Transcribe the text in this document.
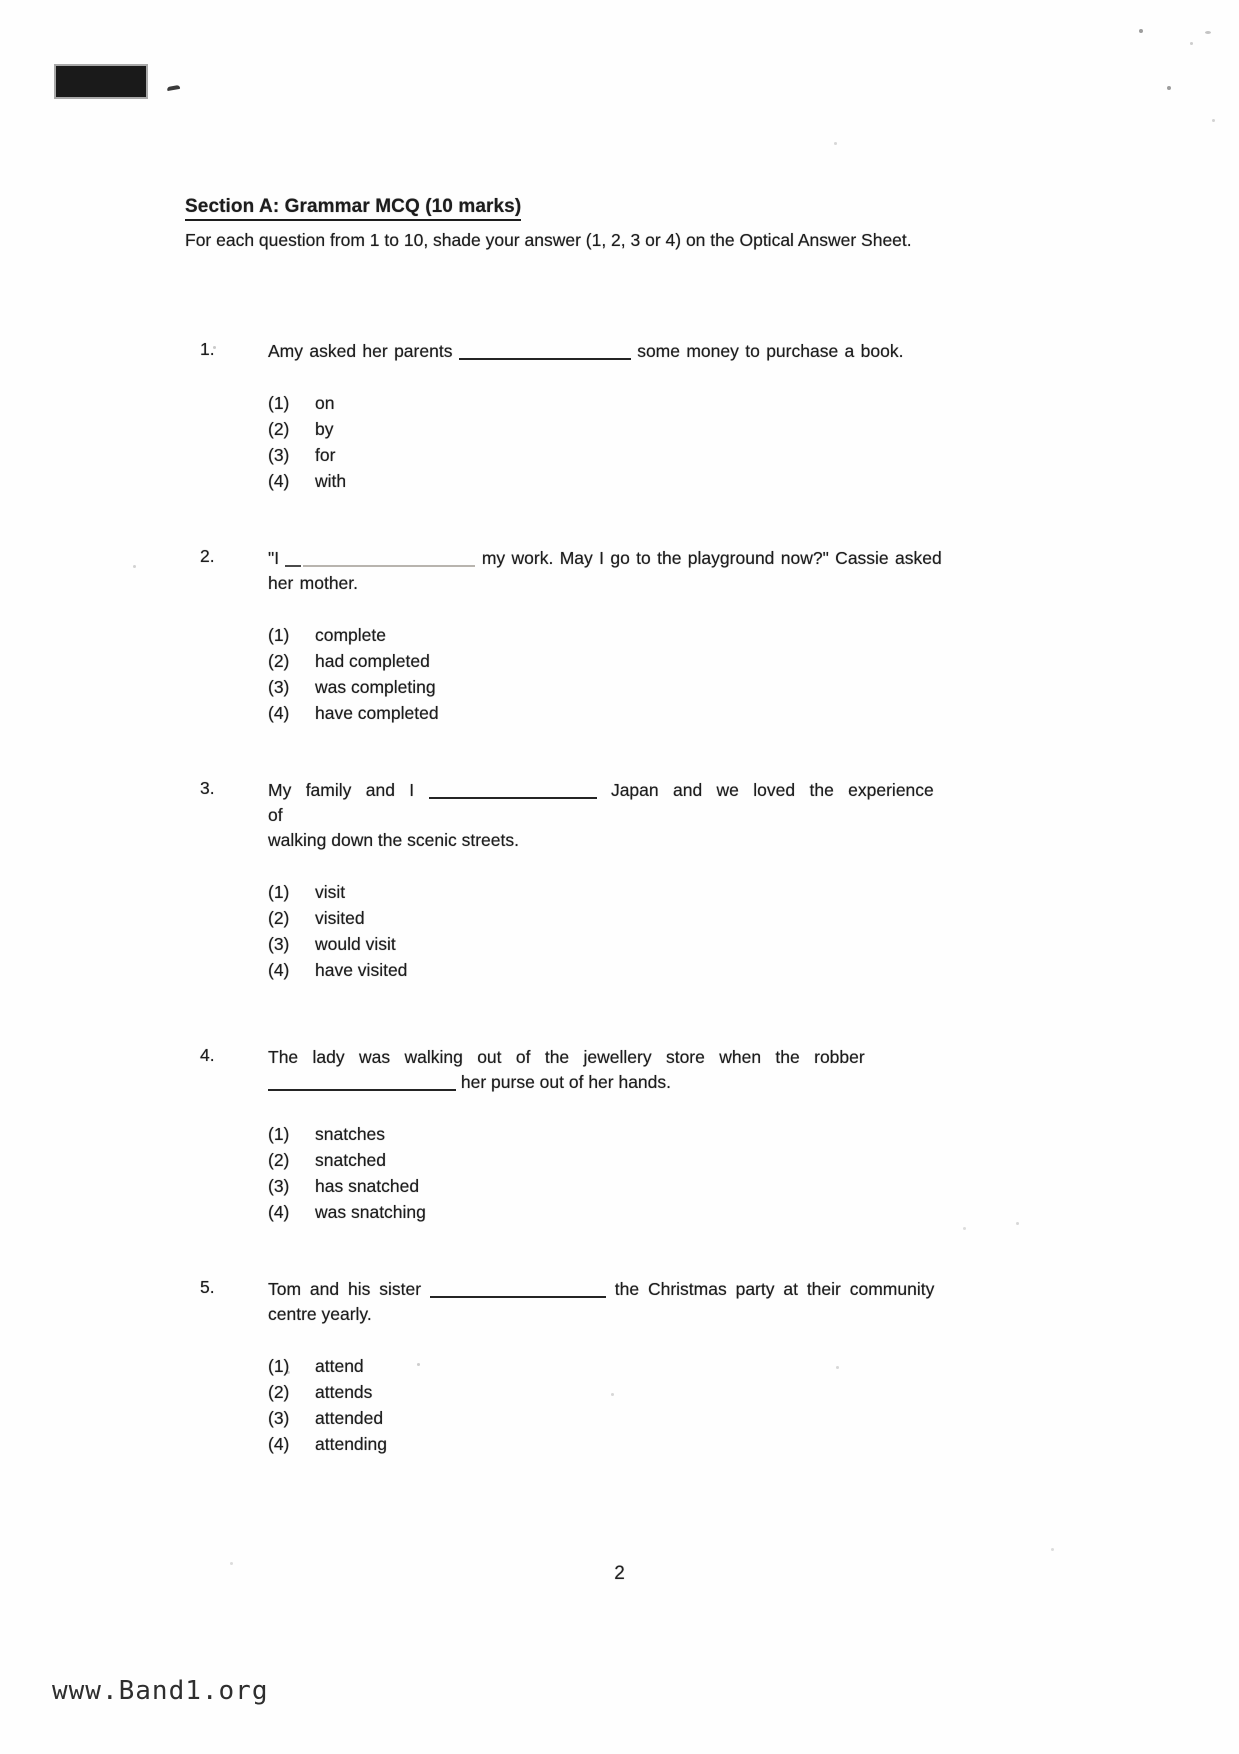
Section A: Grammar MCQ (10 marks)
For each question from 1 to 10, shade your answer (1, 2, 3 or 4) on the Optical Answer Sheet.
1.	Amy asked her parents	some money to purchase a book.
(1) on
(2) by
(3) for
(4) with
2.	"I	my work. May I go to the playground now?" Cassie asked
her mother.
(1) complete
(2) had completed
(3) was completing
(4) have completed
3.	My family and I	Japan and we loved the experience of
walking down the scenic streets.
(1) visit
(2) visited
(3) would visit
(4) have visited
4.	The lady was walking out of the jewellery store when the robber
her purse out of her hands.
(1) snatches
(2) snatched
(3) has snatched
(4) was snatching
5.	Tom and his sister	the Christmas party at their community
centre yearly.
(1) attend
(2) attends
(3) attended
(4) attending
2
www.Band1.org
